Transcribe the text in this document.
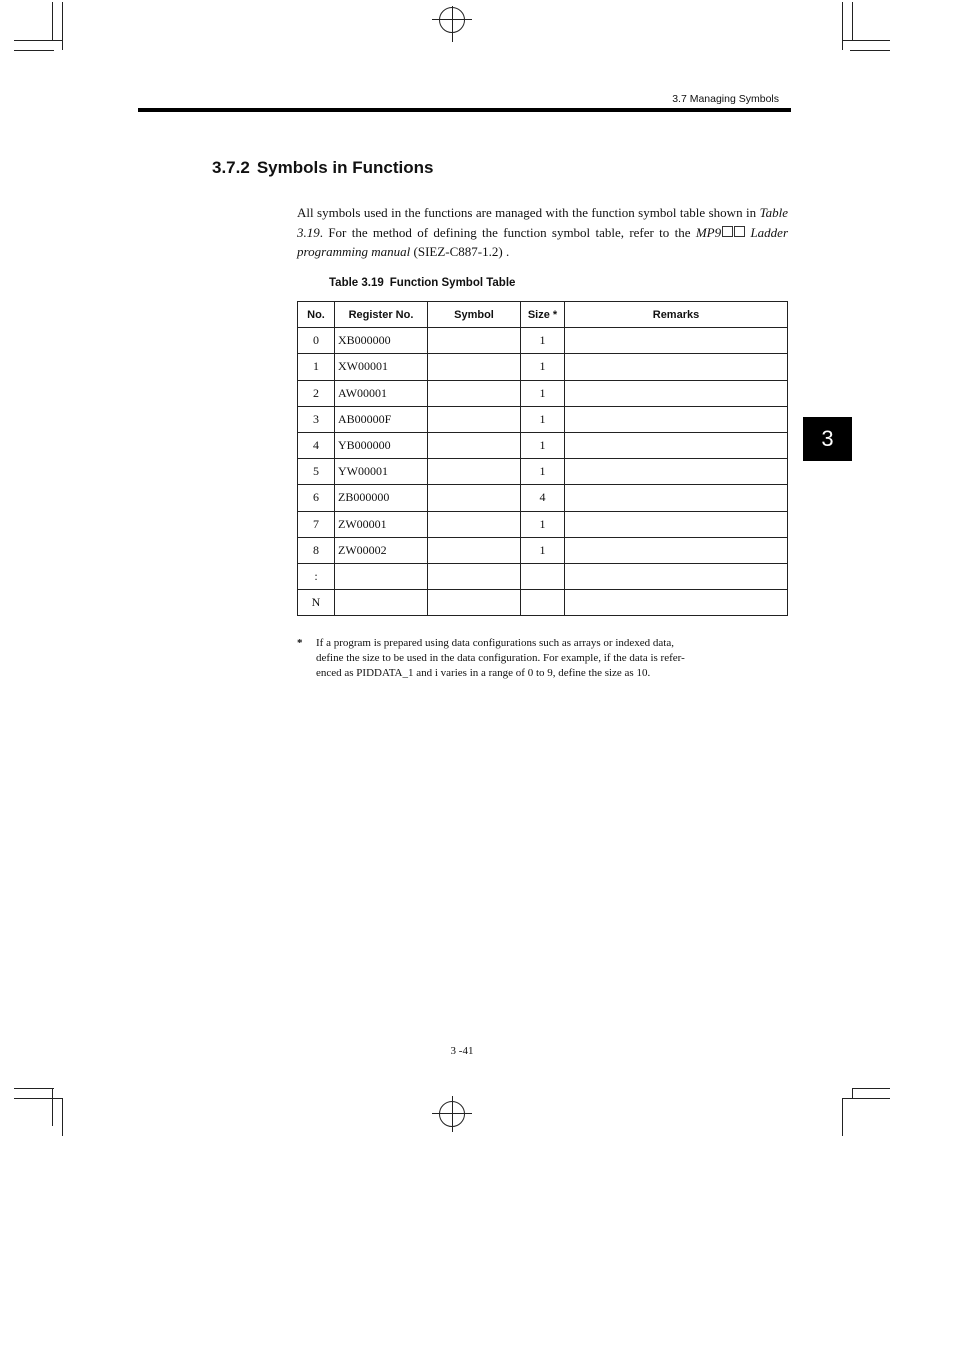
3.7 Managing Symbols
3.7.2 Symbols in Functions
All symbols used in the functions are managed with the function symbol table shown in Table 3.19. For the method of defining the function symbol table, refer to the MP9 Ladder programming manual (SIEZ-C887-1.2) .
Table 3.19 Function Symbol Table
No.	Register No.	Symbol	Size *	Remarks
0	XB000000		1	
1	XW00001		1	
2	AW00001		1	
3	AB00000F		1	
4	YB000000		1	
5	YW00001		1	
6	ZB000000		4	
7	ZW00001		1	
8	ZW00002		1	
:				
N				
* If a program is prepared using data configurations such as arrays or indexed data,
define the size to be used in the data configuration. For example, if the data is refer-
enced as PIDDATA_1 and i varies in a range of 0 to 9, define the size as 10.
3
3 -41
